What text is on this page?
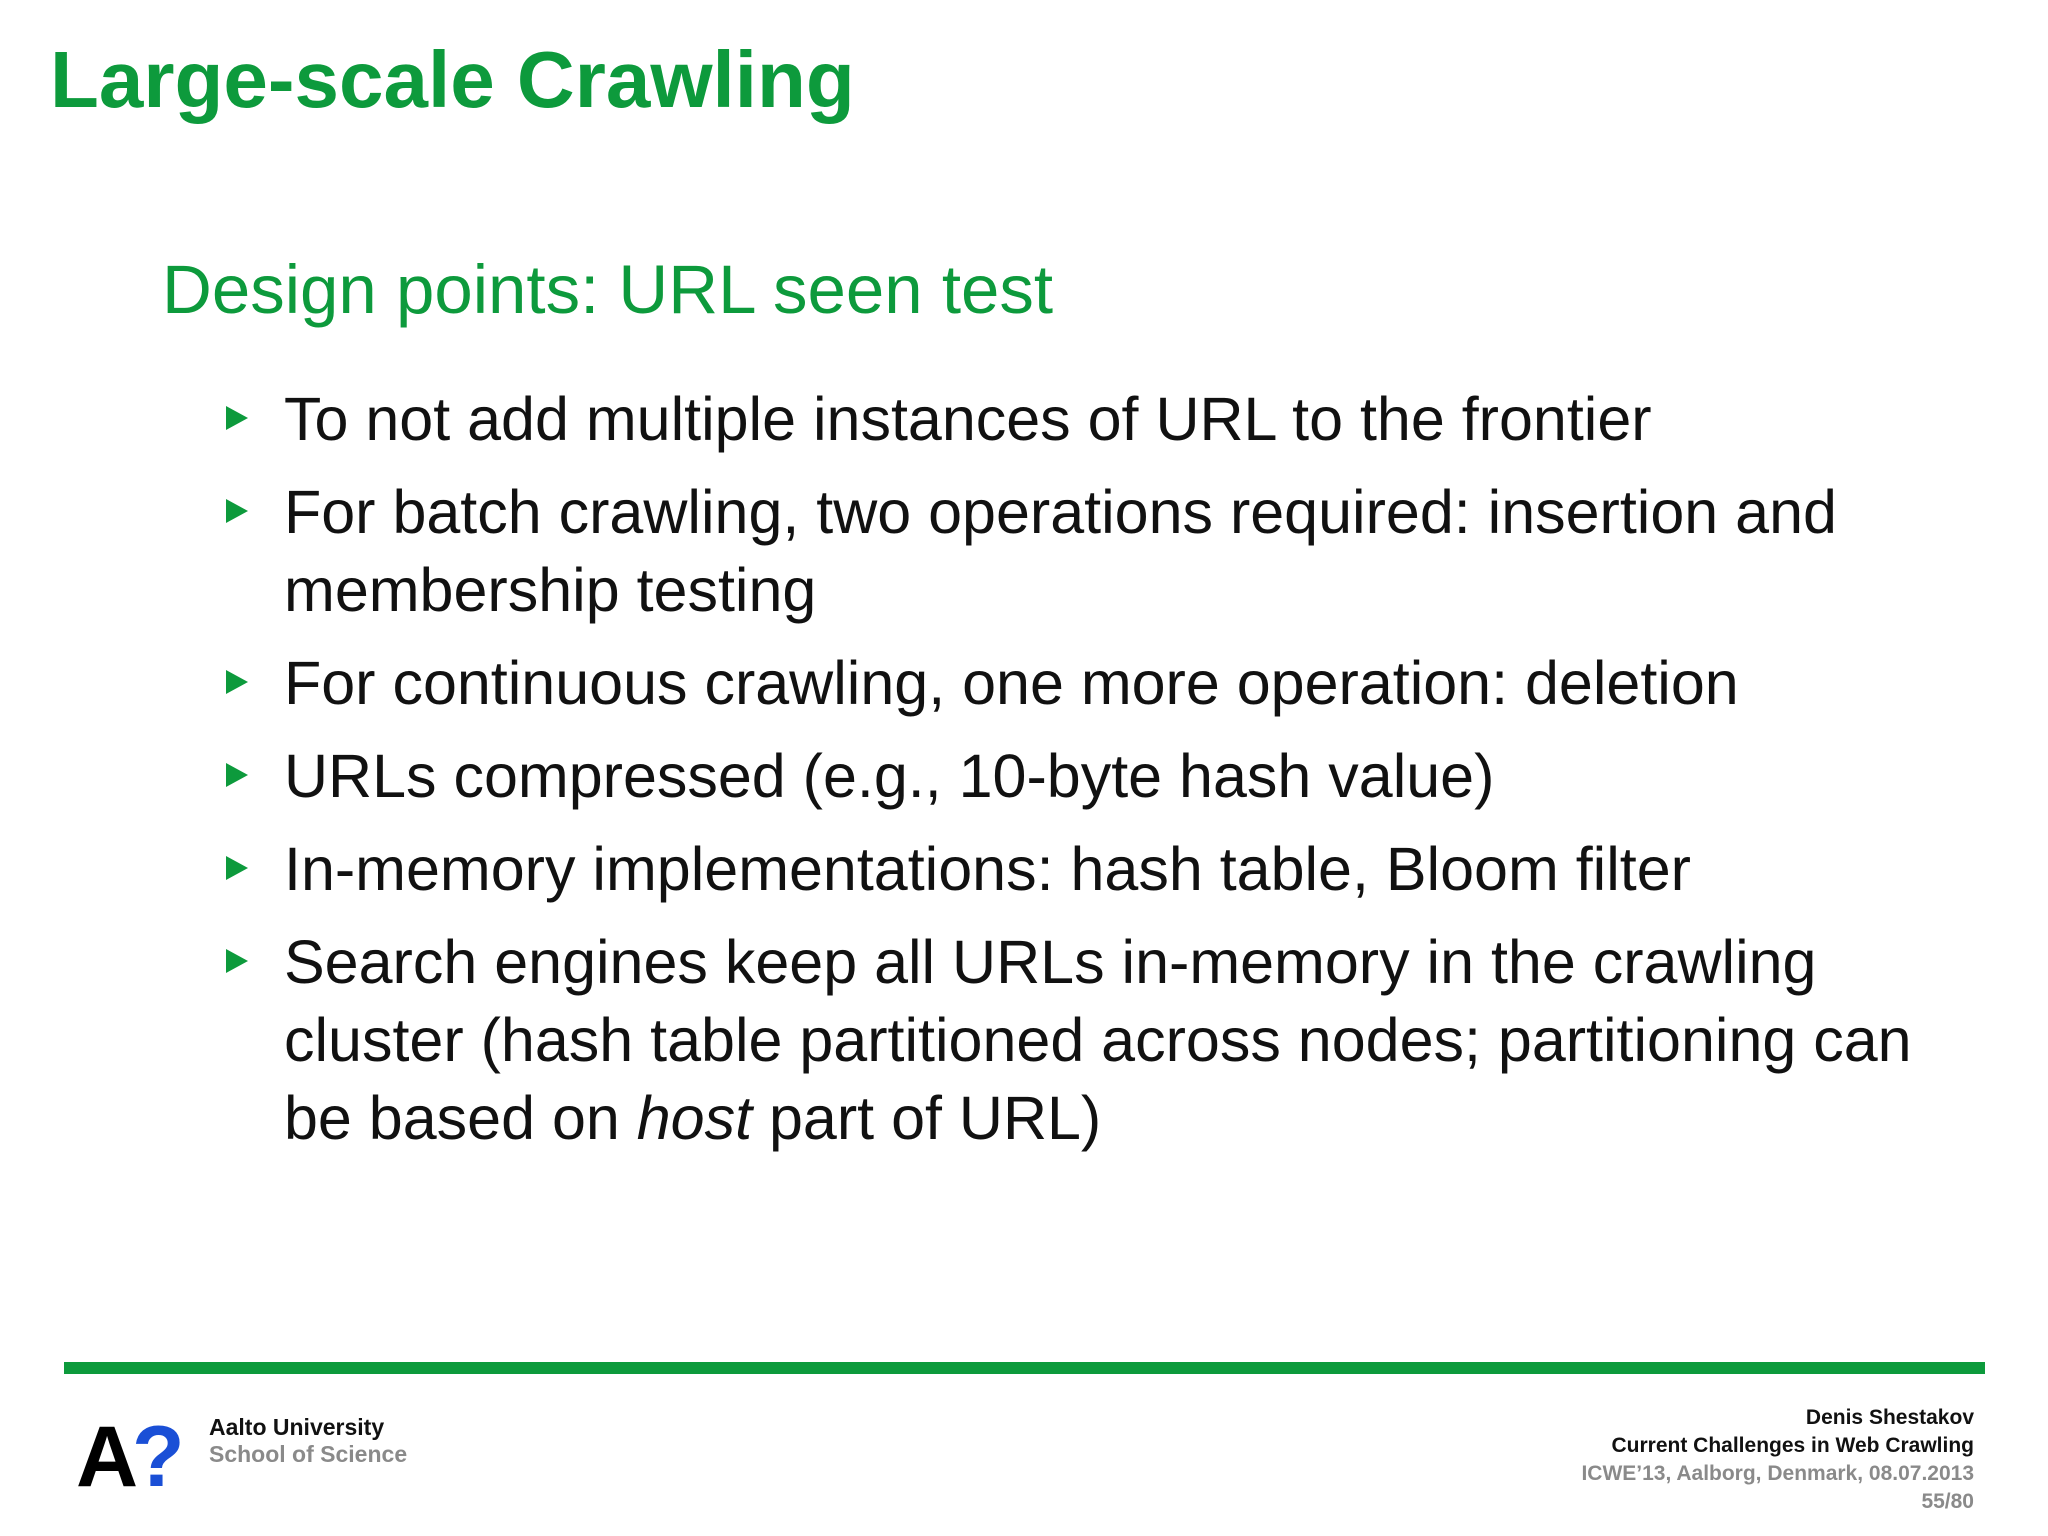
Large-scale Crawling
Design points: URL seen test
To not add multiple instances of URL to the frontier
For batch crawling, two operations required: insertion and membership testing
For continuous crawling, one more operation: deletion
URLs compressed (e.g., 10-byte hash value)
In-memory implementations: hash table, Bloom filter
Search engines keep all URLs in-memory in the crawling cluster (hash table partitioned across nodes; partitioning can be based on host part of URL)
A
? Aalto University
School of Science
Denis Shestakov
Current Challenges in Web Crawling
ICWE’13, Aalborg, Denmark, 08.07.2013
55/80
